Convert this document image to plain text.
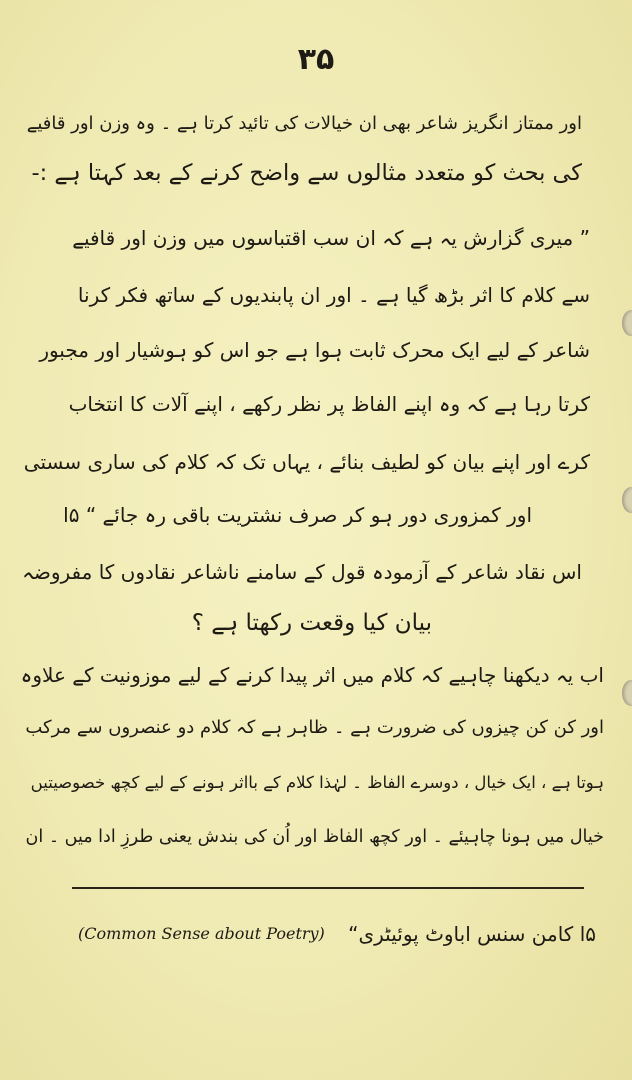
۳۵
اور ممتاز انگریز شاعر بھی ان خیالات کی تائید کرتا ہے ۔ وہ وزن اور قافیے
کی بحث کو متعدد مثالوں سے واضح کرنے کے بعد کہتا ہے :-
” میری گزارش یہ ہے کہ ان سب اقتباسوں میں وزن اور قافیے
سے کلام کا اثر بڑھ گیا ہے ۔ اور ان پابندیوں کے ساتھ فکر کرنا
شاعر کے لیے ایک محرک ثابت ہوا ہے جو اس کو ہوشیار اور مجبور
کرتا رہا ہے کہ وہ اپنے الفاظ پر نظر رکھے ، اپنے آلات کا انتخاب
کرے اور اپنے بیان کو لطیف بنائے ، یہاں تک کہ کلام کی ساری سستی
اور کمزوری دور ہو کر صرف نشتریت باقی رہ جائے “ ۵ا
اس نقاد شاعر کے آزمودہ قول کے سامنے ناشاعر نقادوں کا مفروضہ
بیان کیا وقعت رکھتا ہے ؟
اب یہ دیکھنا چاہیے کہ کلام میں اثر پیدا کرنے کے لیے موزونیت کے علاوہ
اور کن کن چیزوں کی ضرورت ہے ۔ ظاہر ہے کہ کلام دو عنصروں سے مرکب
ہوتا ہے ، ایک خیال ، دوسرے الفاظ ۔ لہٰذا کلام کے بااثر ہونے کے لیے کچھ خصوصیتیں
خیال میں ہونا چاہیئے ۔ اور کچھ الفاظ اور اُن کی بندش یعنی طرزِ ادا میں ۔ ان
۵ا کامن سنس اباوٹ پوئیٹری“
(Common Sense about Poetry)
